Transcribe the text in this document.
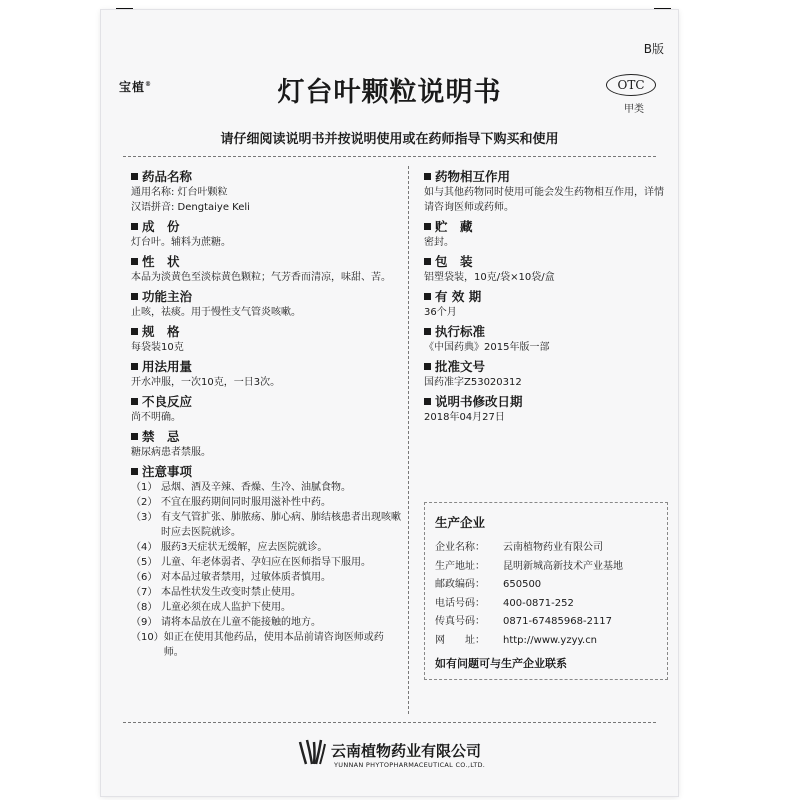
B版
宝植®	灯台叶颗粒说明书	OTC
甲类
请仔细阅读说明书并按说明使用或在药师指导下购买和使用
药品名称
通用名称: 灯台叶颗粒
汉语拼音: Dengtaiye Keli
成　份
灯台叶。辅料为蔗糖。
性　状
本品为淡黄色至淡棕黄色颗粒；气芳香而清凉，味甜、苦。
功能主治
止咳，祛痰。用于慢性支气管炎咳嗽。
规　格
每袋装10克
用法用量
开水冲服，一次10克，一日3次。
不良反应
尚不明确。
禁　忌
糖尿病患者禁服。
注意事项
（1） 忌烟、酒及辛辣、香燥、生冷、油腻食物。
（2） 不宜在服药期间同时服用滋补性中药。
（3） 有支气管扩张、肺脓疡、肺心病、肺结核患者出现咳嗽时应去医院就诊。
（4） 服药3天症状无缓解，应去医院就诊。
（5） 儿童、年老体弱者、孕妇应在医师指导下服用。
（6） 对本品过敏者禁用，过敏体质者慎用。
（7） 本品性状发生改变时禁止使用。
（8） 儿童必须在成人监护下使用。
（9） 请将本品放在儿童不能接触的地方。
（10） 如正在使用其他药品，使用本品前请咨询医师或药师。
药物相互作用
如与其他药物同时使用可能会发生药物相互作用，详情请咨询医师或药师。
贮　藏
密封。
包　装
铝塑袋装，10克/袋×10袋/盒
有 效 期
36个月
执行标准
《中国药典》2015年版一部
批准文号
国药准字Z53020312
说明书修改日期
2018年04月27日
生产企业
企业名称：	云南植物药业有限公司
生产地址：	昆明新城高新技术产业基地
邮政编码：	650500
电话号码：	400-0871-252
传真号码：	0871-67485968-2117
网　　址：	http://www.yzyy.cn
如有问题可与生产企业联系
云南植物药业有限公司
YUNNAN PHYTOPHARMACEUTICAL CO.,LTD.
